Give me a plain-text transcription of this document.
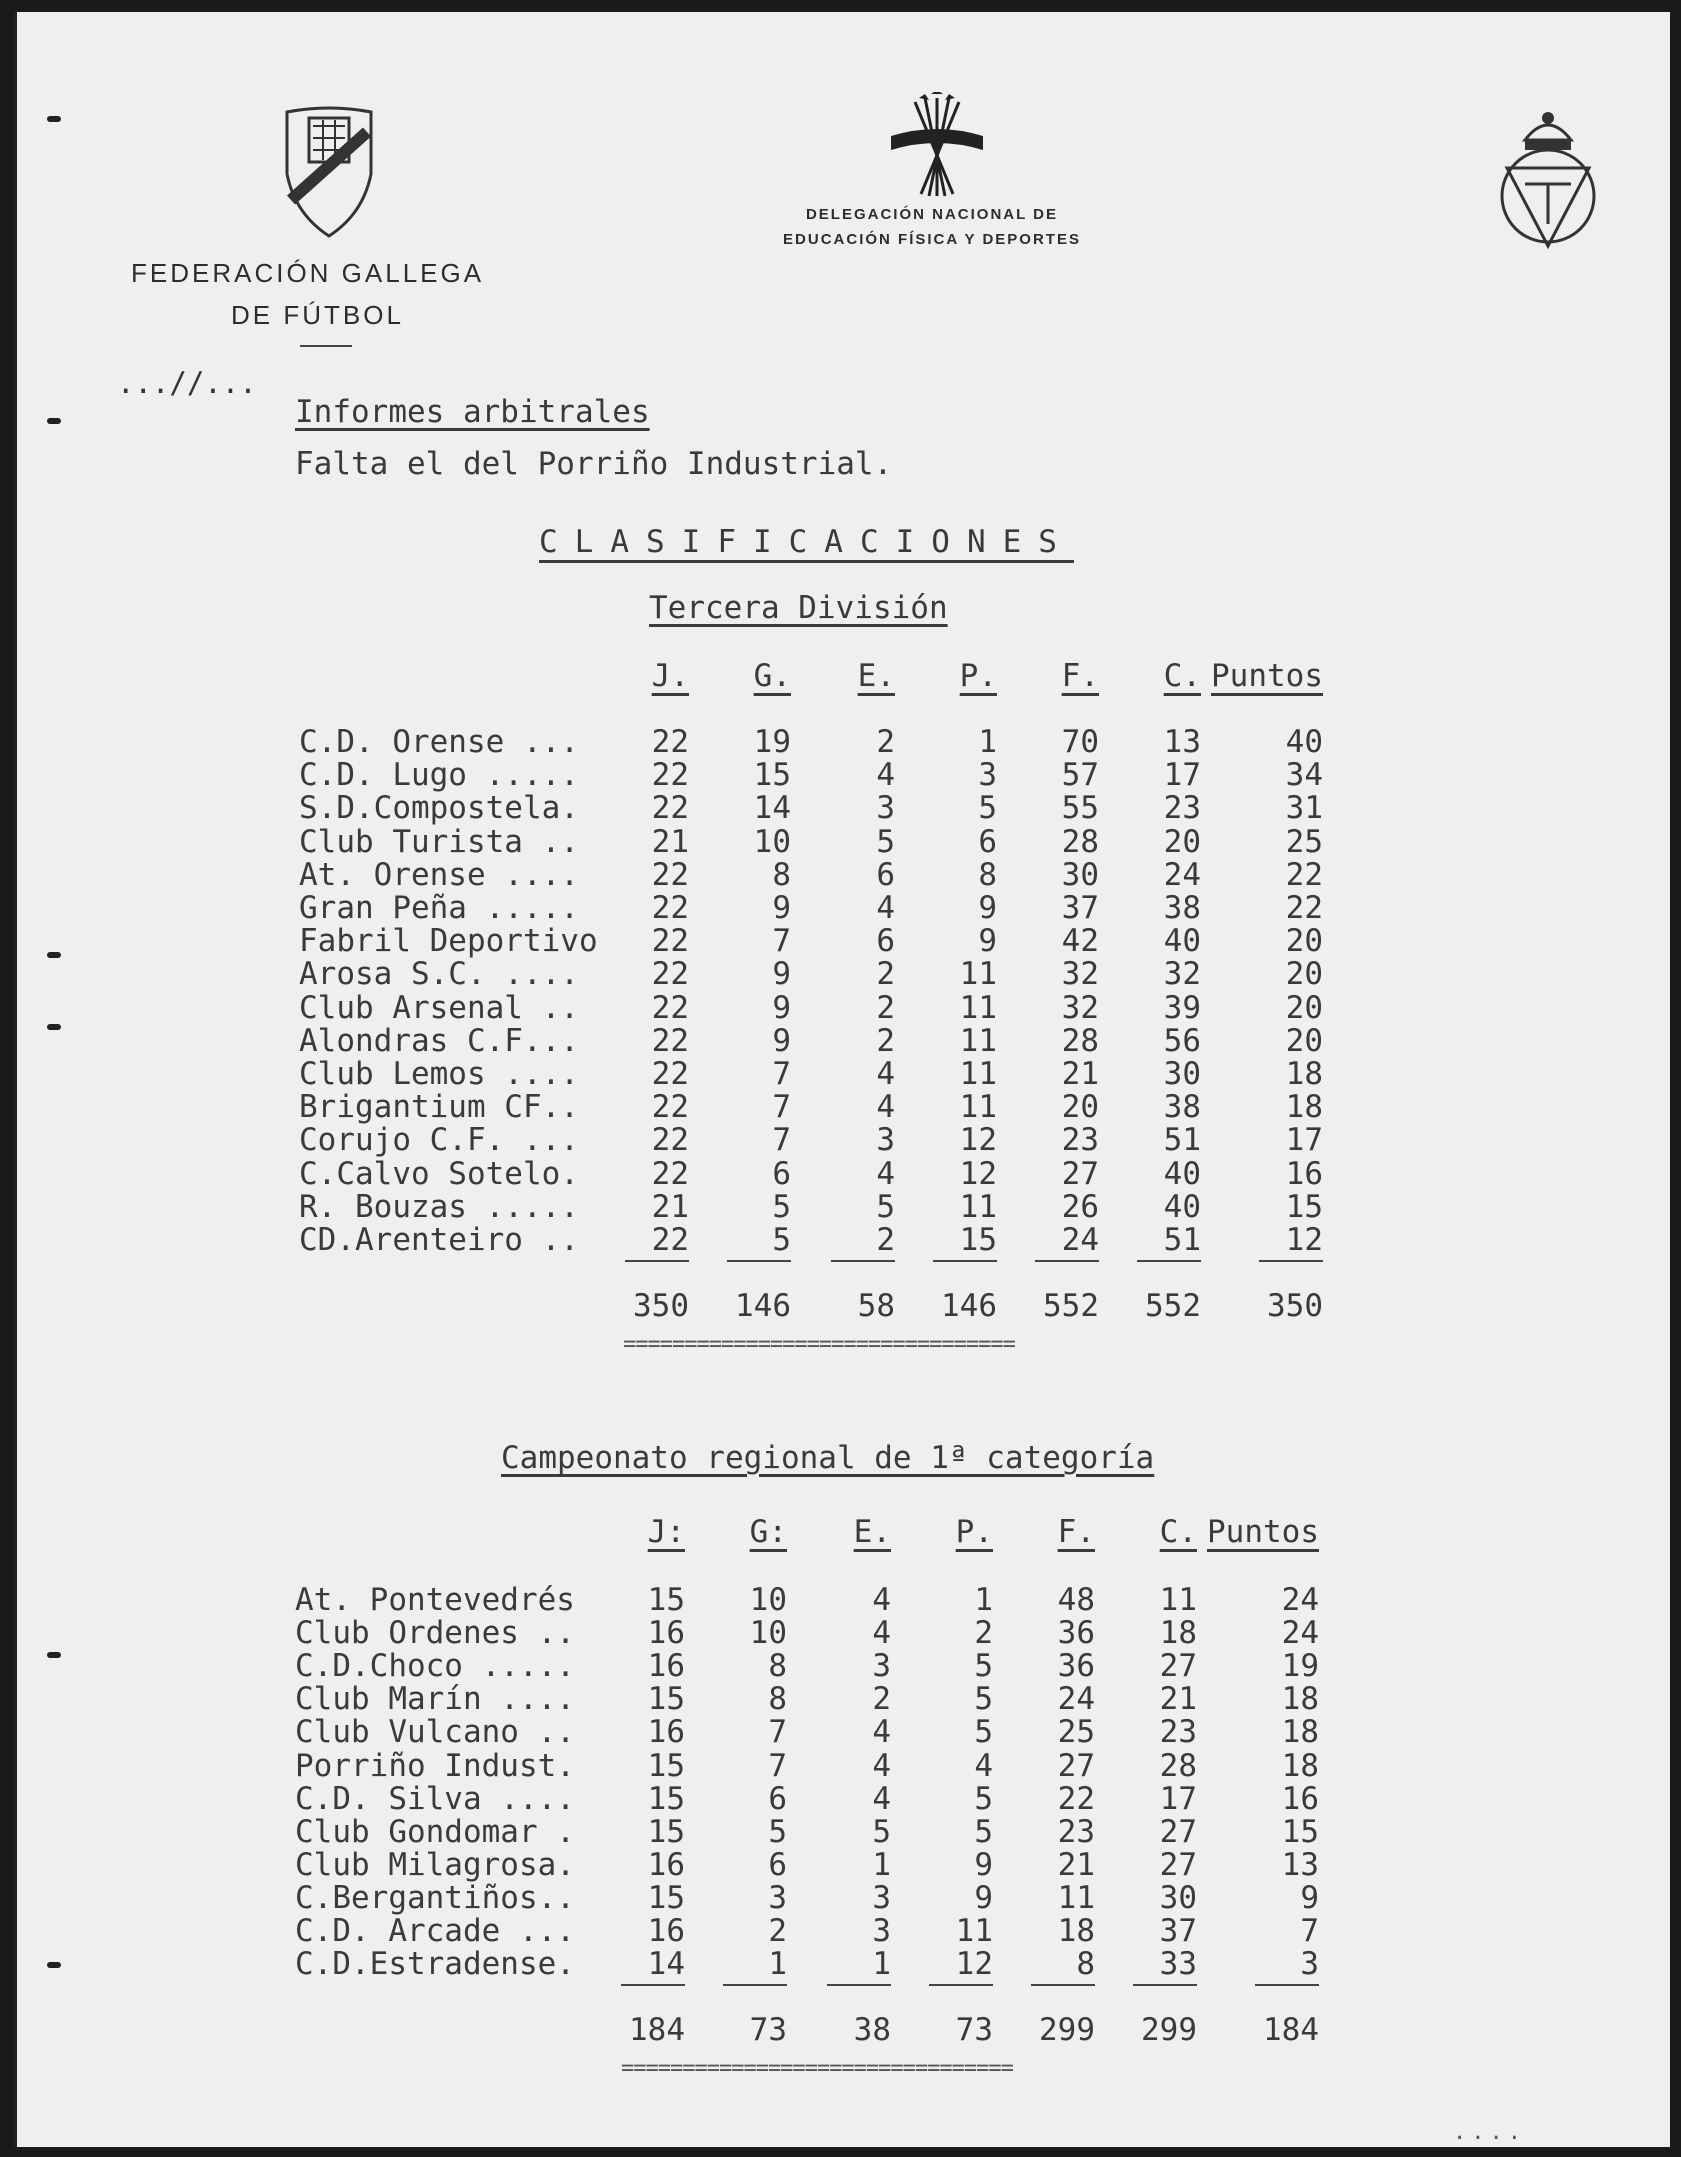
FEDERACIÓN GALLEGA
DE FÚTBOL
DELEGACIÓN NACIONAL DE
EDUCACIÓN FÍSICA Y DEPORTES
...//...
Informes arbitrales
Falta el del Porriño Industrial.
CLASIFICACIONES
Tercera División
J.	G.	E.	P.	F.	C. Puntos
C.D. Orense ...	22	19	2	1	70	13	40
C.D. Lugo .....	22	15	4	3	57	17	34
S.D.Compostela.	22	14	3	5	55	23	31
Club Turista ..	21	10	5	6	28	20	25
At. Orense ....	22	8	6	8	30	24	22
Gran Peña .....	22	9	4	9	37	38	22
Fabril Deportivo	22	7	6	9	42	40	20
Arosa S.C. ....	22	9	2	11	32	32	20
Club Arsenal ..	22	9	2	11	32	39	20
Alondras C.F...	22	9	2	11	28	56	20
Club Lemos ....	22	7	4	11	21	30	18
Brigantium CF..	22	7	4	11	20	38	18
Corujo C.F. ...	22	7	3	12	23	51	17
C.Calvo Sotelo.	22	6	4	12	27	40	16
R. Bouzas .....	21	5	5	11	26	40	15
CD.Arenteiro ..	22	5	2	15	24	51	12
350	146	58	146	552	552	350
================================
Campeonato regional de 1ª categoría
J:	G:	E.	P.	F.	C. Puntos
At. Pontevedrés	15	10	4	1	48	11	24
Club Ordenes ..	16	10	4	2	36	18	24
C.D.Choco .....	16	8	3	5	36	27	19
Club Marín ....	15	8	2	5	24	21	18
Club Vulcano ..	16	7	4	5	25	23	18
Porriño Indust.	15	7	4	4	27	28	18
C.D. Silva ....	15	6	4	5	22	17	16
Club Gondomar .	15	5	5	5	23	27	15
Club Milagrosa.	16	6	1	9	21	27	13
C.Bergantiños..	15	3	3	9	11	30	9
C.D. Arcade ...	16	2	3	11	18	37	7
C.D.Estradense.	14	1	1	12	8	33	3
184	73	38	73	299	299	184
================================
....
